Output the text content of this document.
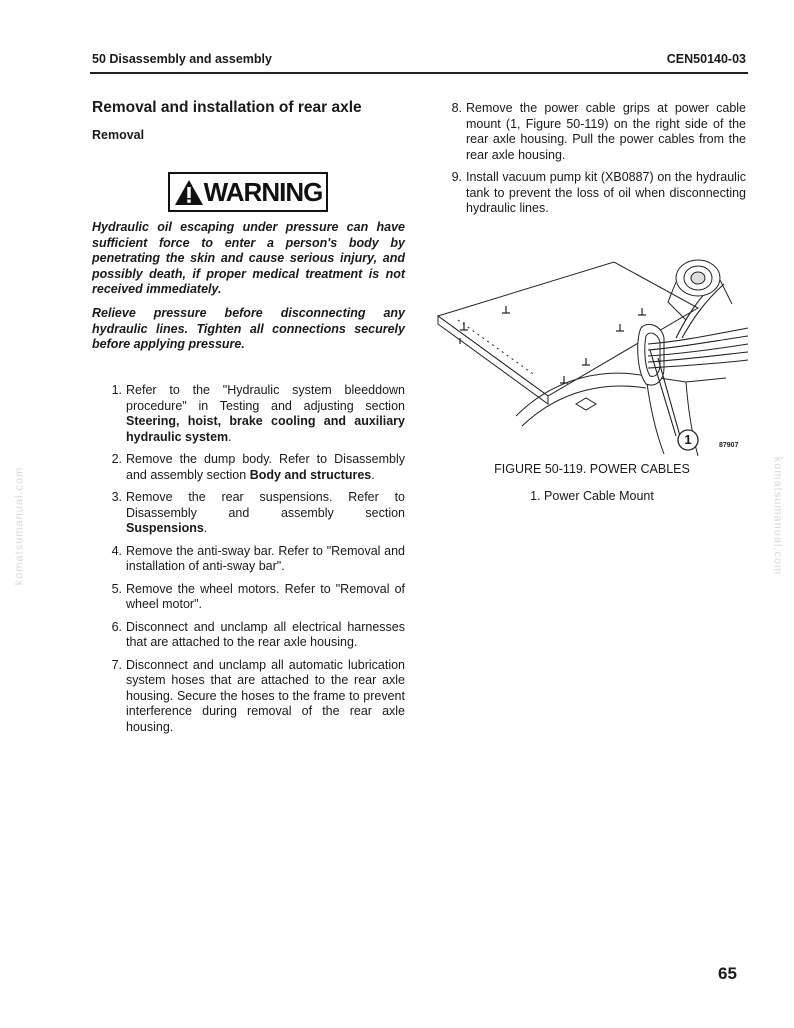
50 Disassembly and assembly	CEN50140-03
Removal and installation of rear axle
Removal
WARNING

Hydraulic oil escaping under pressure can have sufficient force to enter a person's body by penetrating the skin and cause serious injury, and possibly death, if proper medical treatment is not received immediately.

Relieve pressure before disconnecting any hydraulic lines. Tighten all connections securely before applying pressure.

1. Refer to the "Hydraulic system bleeddown procedure" in Testing and adjusting section Steering, hoist, brake cooling and auxiliary hydraulic system.
2. Remove the dump body. Refer to Disassembly and assembly section Body and structures.
3. Remove the rear suspensions. Refer to Disassembly and assembly section Suspensions.
4. Remove the anti-sway bar. Refer to "Removal and installation of anti-sway bar".
5. Remove the wheel motors. Refer to "Removal of wheel motor".
6. Disconnect and unclamp all electrical harnesses that are attached to the rear axle housing.
7. Disconnect and unclamp all automatic lubrication system hoses that are attached to the rear axle housing. Secure the hoses to the frame to prevent interference during removal of the rear axle housing.
8. Remove the power cable grips at power cable mount (1, Figure 50-119) on the right side of the rear axle housing. Pull the power cables from the rear axle housing.
9. Install vacuum pump kit (XB0887) on the hydraulic tank to prevent the loss of oil when disconnecting hydraulic lines.
1	87907
FIGURE 50-119. POWER CABLES
1. Power Cable Mount
komatsumanual.com	komatsumanual.com
65
